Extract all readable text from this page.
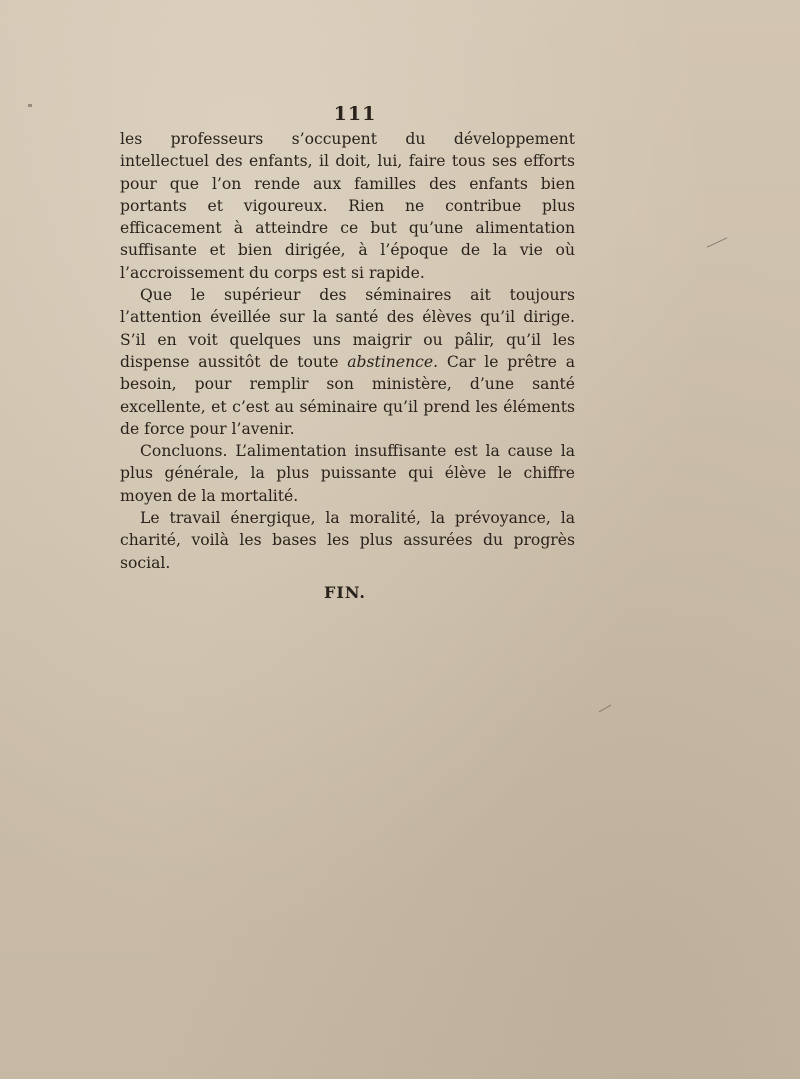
111

les professeurs s’occupent du développement intellectuel des enfants, il doit, lui, faire tous ses efforts pour que l’on rende aux familles des enfants bien portants et vigoureux. Rien ne contribue plus efficacement à atteindre ce but qu’une alimentation suffisante et bien dirigée, à l’époque de la vie où l’accroissement du corps est si rapide.

Que le supérieur des séminaires ait toujours l’attention éveillée sur la santé des élèves qu’il dirige. S’il en voit quelques uns maigrir ou pâlir, qu’il les dispense aussitôt de toute abstinence. Car le prêtre a besoin, pour remplir son ministère, d’une santé excellente, et c’est au séminaire qu’il prend les éléments de force pour l’avenir.

Concluons. L’alimentation insuffisante est la cause la plus générale, la plus puissante qui élève le chiffre moyen de la mortalité.

Le travail énergique, la moralité, la prévoyance, la charité, voilà les bases les plus assurées du progrès social.

FIN.
